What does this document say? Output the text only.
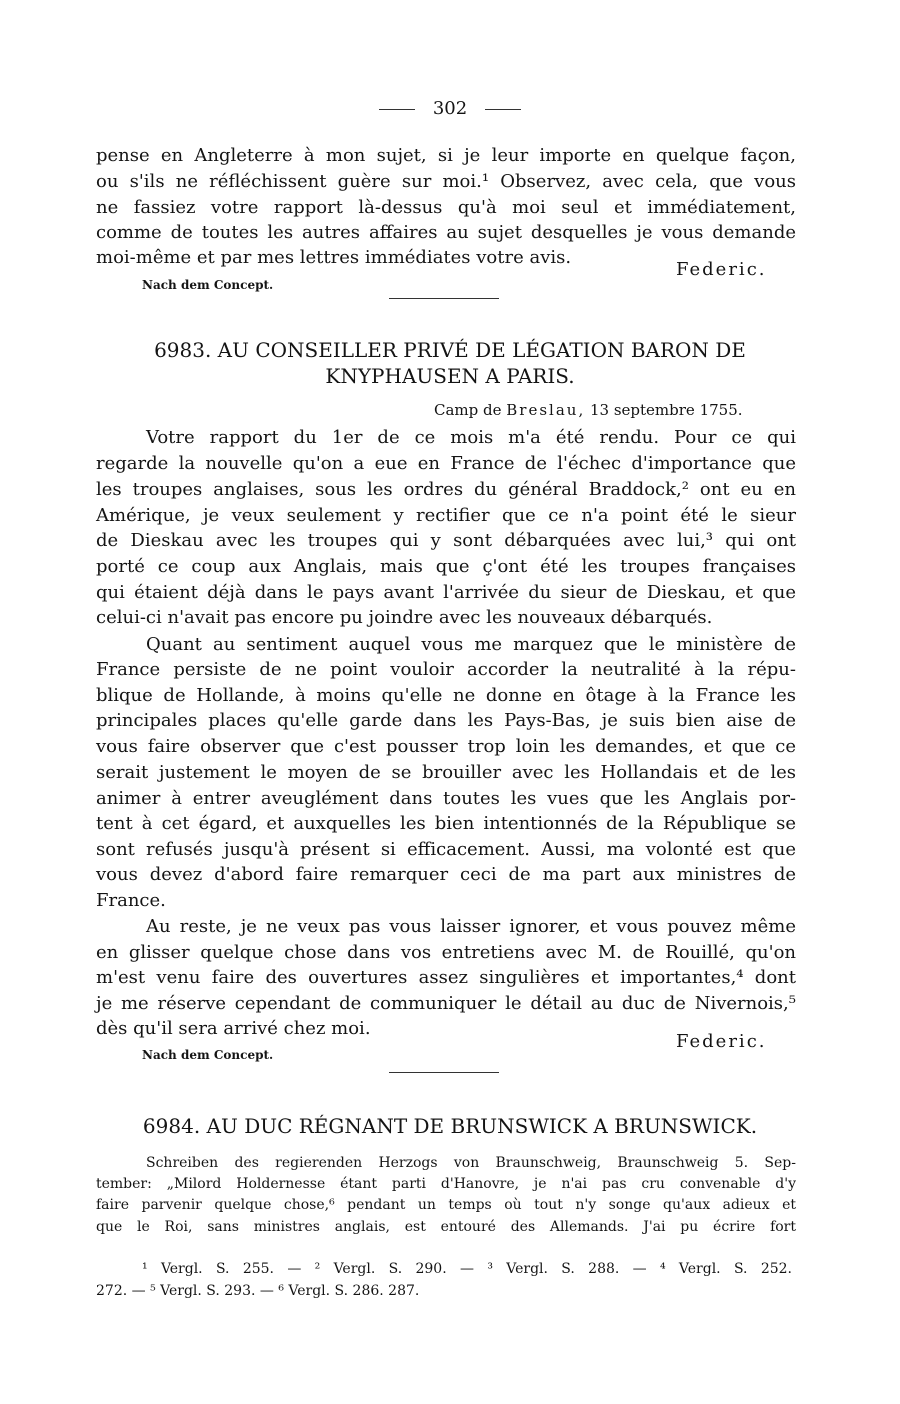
302
pense en Angleterre à mon sujet, si je leur importe en quelque façon,
ou s'ils ne réfléchissent guère sur moi.¹ Observez, avec cela, que vous
ne fassiez votre rapport là-dessus qu'à moi seul et immédiatement,
comme de toutes les autres affaires au sujet desquelles je vous demande
moi-même et par mes lettres immédiates votre avis.
Federic.
Nach dem Concept.
6983. AU CONSEILLER PRIVÉ DE LÉGATION BARON DE
KNYPHAUSEN A PARIS.
Camp de Breslau, 13 septembre 1755.
Votre rapport du 1er de ce mois m'a été rendu. Pour ce qui
regarde la nouvelle qu'on a eue en France de l'échec d'importance que
les troupes anglaises, sous les ordres du général Braddock,² ont eu en
Amérique, je veux seulement y rectifier que ce n'a point été le sieur
de Dieskau avec les troupes qui y sont débarquées avec lui,³ qui ont
porté ce coup aux Anglais, mais que ç'ont été les troupes françaises
qui étaient déjà dans le pays avant l'arrivée du sieur de Dieskau, et que
celui-ci n'avait pas encore pu joindre avec les nouveaux débarqués.
Quant au sentiment auquel vous me marquez que le ministère de
France persiste de ne point vouloir accorder la neutralité à la répu-
blique de Hollande, à moins qu'elle ne donne en ôtage à la France les
principales places qu'elle garde dans les Pays-Bas, je suis bien aise de
vous faire observer que c'est pousser trop loin les demandes, et que ce
serait justement le moyen de se brouiller avec les Hollandais et de les
animer à entrer aveuglément dans toutes les vues que les Anglais por-
tent à cet égard, et auxquelles les bien intentionnés de la République se
sont refusés jusqu'à présent si efficacement. Aussi, ma volonté est que
vous devez d'abord faire remarquer ceci de ma part aux ministres de
France.
Au reste, je ne veux pas vous laisser ignorer, et vous pouvez même
en glisser quelque chose dans vos entretiens avec M. de Rouillé, qu'on
m'est venu faire des ouvertures assez singulières et importantes,⁴ dont
je me réserve cependant de communiquer le détail au duc de Nivernois,⁵
dès qu'il sera arrivé chez moi.
Federic.
Nach dem Concept.
6984. AU DUC RÉGNANT DE BRUNSWICK A BRUNSWICK.
Schreiben des regierenden Herzogs von Braunschweig, Braunschweig 5. Sep-
tember: „Milord Holdernesse étant parti d'Hanovre, je n'ai pas cru convenable d'y
faire parvenir quelque chose,⁶ pendant un temps où tout n'y songe qu'aux adieux et
que le Roi, sans ministres anglais, est entouré des Allemands. J'ai pu écrire fort
¹ Vergl. S. 255. — ² Vergl. S. 290. — ³ Vergl. S. 288. — ⁴ Vergl. S. 252.
272. — ⁵ Vergl. S. 293. — ⁶ Vergl. S. 286. 287.
